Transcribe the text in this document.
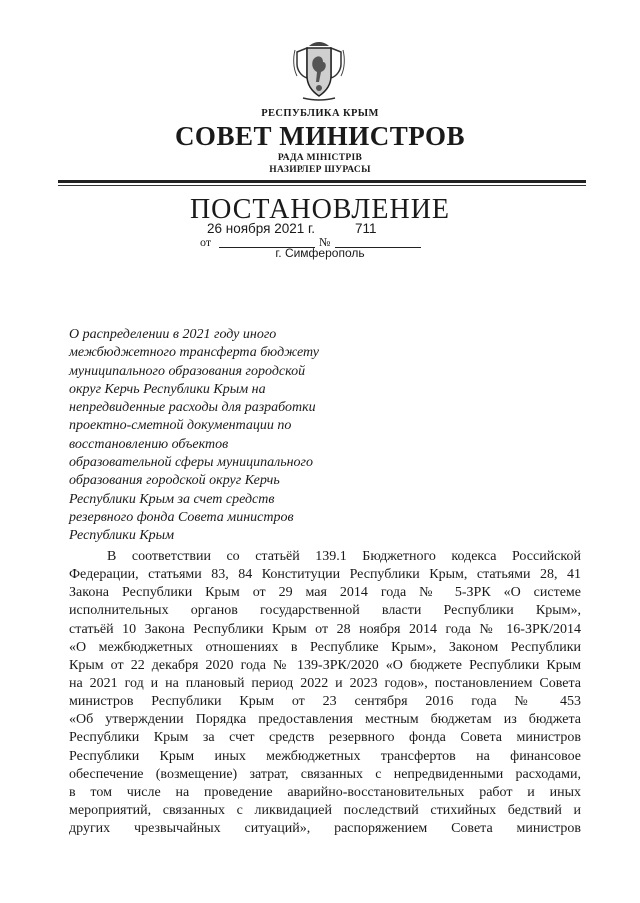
РЕСПУБЛИКА КРЫМ
СОВЕТ МИНИСТРОВ
РАДА МІНІСТРІВ
НАЗИРЛЕР ШУРАСЫ
ПОСТАНОВЛЕНИЕ
26 ноября 2021 г.	711
от	№
г. Симферополь

О распределении в 2021 году иного
межбюджетного трансферта бюджету
муниципального образования городской
округ Керчь Республики Крым на
непредвиденные расходы для разработки
проектно-сметной документации по
восстановлению объектов
образовательной сферы муниципального
образования городской округ Керчь
Республики Крым за счет средств
резервного фонда Совета министров
Республики Крым

В соответствии со статьёй 139.1 Бюджетного кодекса Российской
Федерации, статьями 83, 84 Конституции Республики Крым, статьями 28, 41
Закона Республики Крым от 29 мая 2014 года № 5-ЗРК «О системе
исполнительных органов государственной власти Республики Крым»,
статьёй 10 Закона Республики Крым от 28 ноября 2014 года № 16-ЗРК/2014
«О межбюджетных отношениях в Республике Крым», Законом Республики
Крым от 22 декабря 2020 года № 139-ЗРК/2020 «О бюджете Республики Крым
на 2021 год и на плановый период 2022 и 2023 годов», постановлением Совета
министров Республики Крым от 23 сентября 2016 года № 453
«Об утверждении Порядка предоставления местным бюджетам из бюджета
Республики Крым за счет средств резервного фонда Совета министров
Республики Крым иных межбюджетных трансфертов на финансовое
обеспечение (возмещение) затрат, связанных с непредвиденными расходами,
в том числе на проведение аварийно-восстановительных работ и иных
мероприятий, связанных с ликвидацией последствий стихийных бедствий и
других чрезвычайных ситуаций», распоряжением Совета министров
